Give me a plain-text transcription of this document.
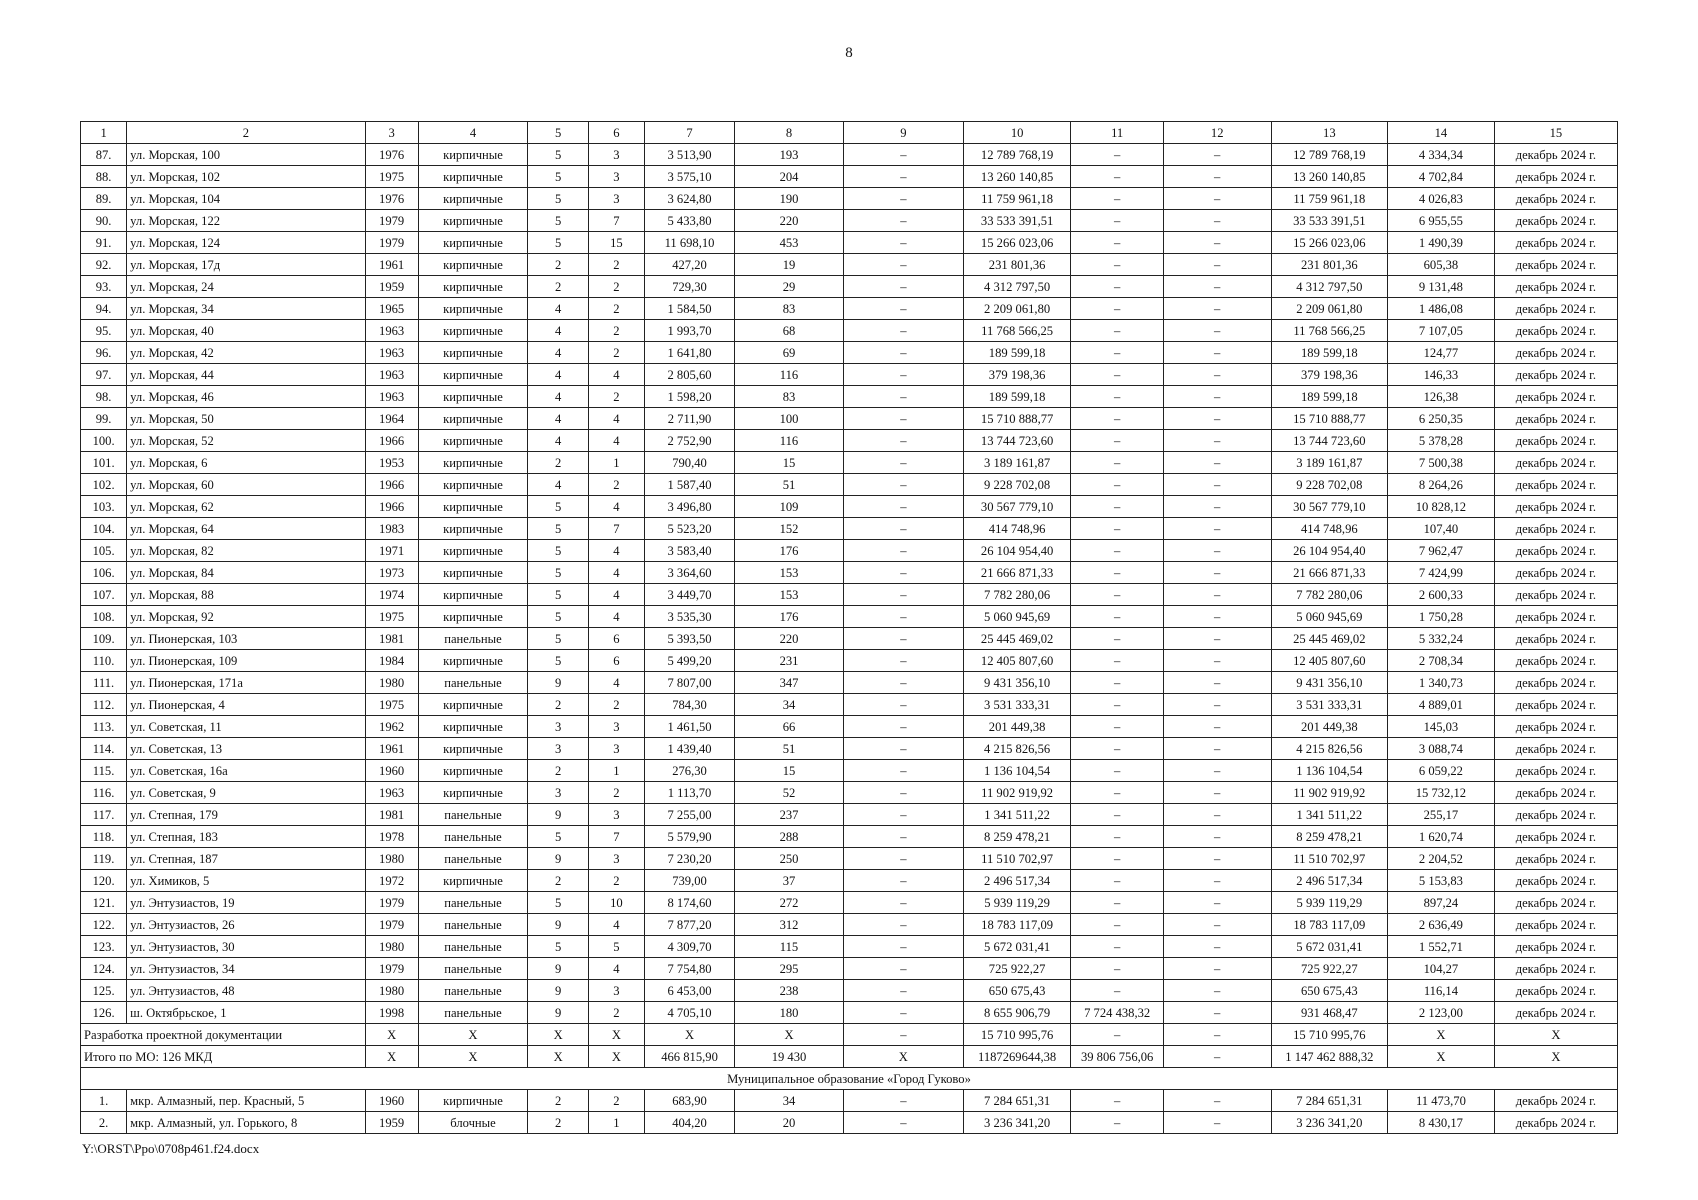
8
1	2	3	4	5	6	7	8	9	10	11	12	13	14	15
87.	ул. Морская, 100	1976	кирпичные	5	3	3 513,90	193	–	12 789 768,19	–	–	12 789 768,19	4 334,34	декабрь 2024 г.
88.	ул. Морская, 102	1975	кирпичные	5	3	3 575,10	204	–	13 260 140,85	–	–	13 260 140,85	4 702,84	декабрь 2024 г.
89.	ул. Морская, 104	1976	кирпичные	5	3	3 624,80	190	–	11 759 961,18	–	–	11 759 961,18	4 026,83	декабрь 2024 г.
90.	ул. Морская, 122	1979	кирпичные	5	7	5 433,80	220	–	33 533 391,51	–	–	33 533 391,51	6 955,55	декабрь 2024 г.
91.	ул. Морская, 124	1979	кирпичные	5	15	11 698,10	453	–	15 266 023,06	–	–	15 266 023,06	1 490,39	декабрь 2024 г.
92.	ул. Морская, 17д	1961	кирпичные	2	2	427,20	19	–	231 801,36	–	–	231 801,36	605,38	декабрь 2024 г.
93.	ул. Морская, 24	1959	кирпичные	2	2	729,30	29	–	4 312 797,50	–	–	4 312 797,50	9 131,48	декабрь 2024 г.
94.	ул. Морская, 34	1965	кирпичные	4	2	1 584,50	83	–	2 209 061,80	–	–	2 209 061,80	1 486,08	декабрь 2024 г.
95.	ул. Морская, 40	1963	кирпичные	4	2	1 993,70	68	–	11 768 566,25	–	–	11 768 566,25	7 107,05	декабрь 2024 г.
96.	ул. Морская, 42	1963	кирпичные	4	2	1 641,80	69	–	189 599,18	–	–	189 599,18	124,77	декабрь 2024 г.
97.	ул. Морская, 44	1963	кирпичные	4	4	2 805,60	116	–	379 198,36	–	–	379 198,36	146,33	декабрь 2024 г.
98.	ул. Морская, 46	1963	кирпичные	4	2	1 598,20	83	–	189 599,18	–	–	189 599,18	126,38	декабрь 2024 г.
99.	ул. Морская, 50	1964	кирпичные	4	4	2 711,90	100	–	15 710 888,77	–	–	15 710 888,77	6 250,35	декабрь 2024 г.
100.	ул. Морская, 52	1966	кирпичные	4	4	2 752,90	116	–	13 744 723,60	–	–	13 744 723,60	5 378,28	декабрь 2024 г.
101.	ул. Морская, 6	1953	кирпичные	2	1	790,40	15	–	3 189 161,87	–	–	3 189 161,87	7 500,38	декабрь 2024 г.
102.	ул. Морская, 60	1966	кирпичные	4	2	1 587,40	51	–	9 228 702,08	–	–	9 228 702,08	8 264,26	декабрь 2024 г.
103.	ул. Морская, 62	1966	кирпичные	5	4	3 496,80	109	–	30 567 779,10	–	–	30 567 779,10	10 828,12	декабрь 2024 г.
104.	ул. Морская, 64	1983	кирпичные	5	7	5 523,20	152	–	414 748,96	–	–	414 748,96	107,40	декабрь 2024 г.
105.	ул. Морская, 82	1971	кирпичные	5	4	3 583,40	176	–	26 104 954,40	–	–	26 104 954,40	7 962,47	декабрь 2024 г.
106.	ул. Морская, 84	1973	кирпичные	5	4	3 364,60	153	–	21 666 871,33	–	–	21 666 871,33	7 424,99	декабрь 2024 г.
107.	ул. Морская, 88	1974	кирпичные	5	4	3 449,70	153	–	7 782 280,06	–	–	7 782 280,06	2 600,33	декабрь 2024 г.
108.	ул. Морская, 92	1975	кирпичные	5	4	3 535,30	176	–	5 060 945,69	–	–	5 060 945,69	1 750,28	декабрь 2024 г.
109.	ул. Пионерская, 103	1981	панельные	5	6	5 393,50	220	–	25 445 469,02	–	–	25 445 469,02	5 332,24	декабрь 2024 г.
110.	ул. Пионерская, 109	1984	кирпичные	5	6	5 499,20	231	–	12 405 807,60	–	–	12 405 807,60	2 708,34	декабрь 2024 г.
111.	ул. Пионерская, 171а	1980	панельные	9	4	7 807,00	347	–	9 431 356,10	–	–	9 431 356,10	1 340,73	декабрь 2024 г.
112.	ул. Пионерская, 4	1975	кирпичные	2	2	784,30	34	–	3 531 333,31	–	–	3 531 333,31	4 889,01	декабрь 2024 г.
113.	ул. Советская, 11	1962	кирпичные	3	3	1 461,50	66	–	201 449,38	–	–	201 449,38	145,03	декабрь 2024 г.
114.	ул. Советская, 13	1961	кирпичные	3	3	1 439,40	51	–	4 215 826,56	–	–	4 215 826,56	3 088,74	декабрь 2024 г.
115.	ул. Советская, 16а	1960	кирпичные	2	1	276,30	15	–	1 136 104,54	–	–	1 136 104,54	6 059,22	декабрь 2024 г.
116.	ул. Советская, 9	1963	кирпичные	3	2	1 113,70	52	–	11 902 919,92	–	–	11 902 919,92	15 732,12	декабрь 2024 г.
117.	ул. Степная, 179	1981	панельные	9	3	7 255,00	237	–	1 341 511,22	–	–	1 341 511,22	255,17	декабрь 2024 г.
118.	ул. Степная, 183	1978	панельные	5	7	5 579,90	288	–	8 259 478,21	–	–	8 259 478,21	1 620,74	декабрь 2024 г.
119.	ул. Степная, 187	1980	панельные	9	3	7 230,20	250	–	11 510 702,97	–	–	11 510 702,97	2 204,52	декабрь 2024 г.
120.	ул. Химиков, 5	1972	кирпичные	2	2	739,00	37	–	2 496 517,34	–	–	2 496 517,34	5 153,83	декабрь 2024 г.
121.	ул. Энтузиастов, 19	1979	панельные	5	10	8 174,60	272	–	5 939 119,29	–	–	5 939 119,29	897,24	декабрь 2024 г.
122.	ул. Энтузиастов, 26	1979	панельные	9	4	7 877,20	312	–	18 783 117,09	–	–	18 783 117,09	2 636,49	декабрь 2024 г.
123.	ул. Энтузиастов, 30	1980	панельные	5	5	4 309,70	115	–	5 672 031,41	–	–	5 672 031,41	1 552,71	декабрь 2024 г.
124.	ул. Энтузиастов, 34	1979	панельные	9	4	7 754,80	295	–	725 922,27	–	–	725 922,27	104,27	декабрь 2024 г.
125.	ул. Энтузиастов, 48	1980	панельные	9	3	6 453,00	238	–	650 675,43	–	–	650 675,43	116,14	декабрь 2024 г.
126.	ш. Октябрьское, 1	1998	панельные	9	2	4 705,10	180	–	8 655 906,79	7 724 438,32	–	931 468,47	2 123,00	декабрь 2024 г.
Разработка проектной документации		X	X	X	X	X	X	–	15 710 995,76	–	–	15 710 995,76	X	X
Итого по МО: 126 МКД		X	X	X	X	466 815,90	19 430	X	1187269644,38	39 806 756,06	–	1 147 462 888,32	X	X
Муниципальное образование «Город Гуково»														
1.	мкр. Алмазный, пер. Красный, 5	1960	кирпичные	2	2	683,90	34	–	7 284 651,31	–	–	7 284 651,31	11 473,70	декабрь 2024 г.
2.	мкр. Алмазный, ул. Горького, 8	1959	блочные	2	1	404,20	20	–	3 236 341,20	–	–	3 236 341,20	8 430,17	декабрь 2024 г.
Y:\ORST\Ppo\0708p461.f24.docx
